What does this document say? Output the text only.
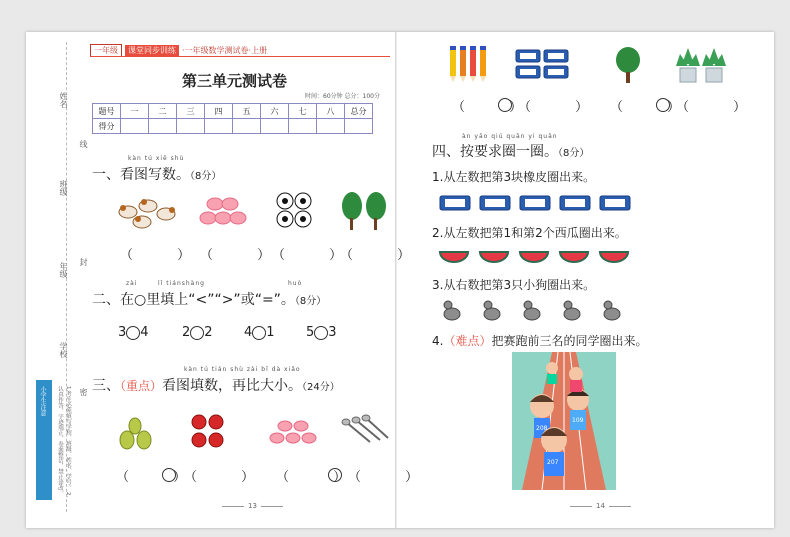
姓名
班级
年级
学校
线
封
密
小学生注意	1.考生必须填写学校、班级、姓名、学号。 2.认真作答，字迹端正，卷面整洁，禁止涂改。
一年级	课堂同步训练 ·一年级数学测试卷·上册
第三单元测试卷
时间：60分钟 总分：100分
题号	一	二	三	四	五	六	七	八	总分
得分									
kàn tú xiě shù
一、看图写数。（8分）
（ ）
（ ）
（ ）
（ ）
zài	lǐ tiánshàng	huò
二、在○里填上“<”“>”或“=”。（8分）
3 4	2 2 4 1 5 3
kàn tú tián shù zài bǐ dà xiǎo
三、（重点）看图填数，再比大小。（24分）
（ ）
（ ） （ ）
（ ）
13
（ ）
（ ） （ ）
（ ）
àn yāo qiú quān yi quān
四、按要求圈一圈。（8分）
1.从左数把第3块橡皮圈出来。
2.从左数把第1和第2个西瓜圈出来。
3.从右数把第3只小狗圈出来。
4.（难点）把赛跑前三名的同学圈出来。
207
109
208
14
